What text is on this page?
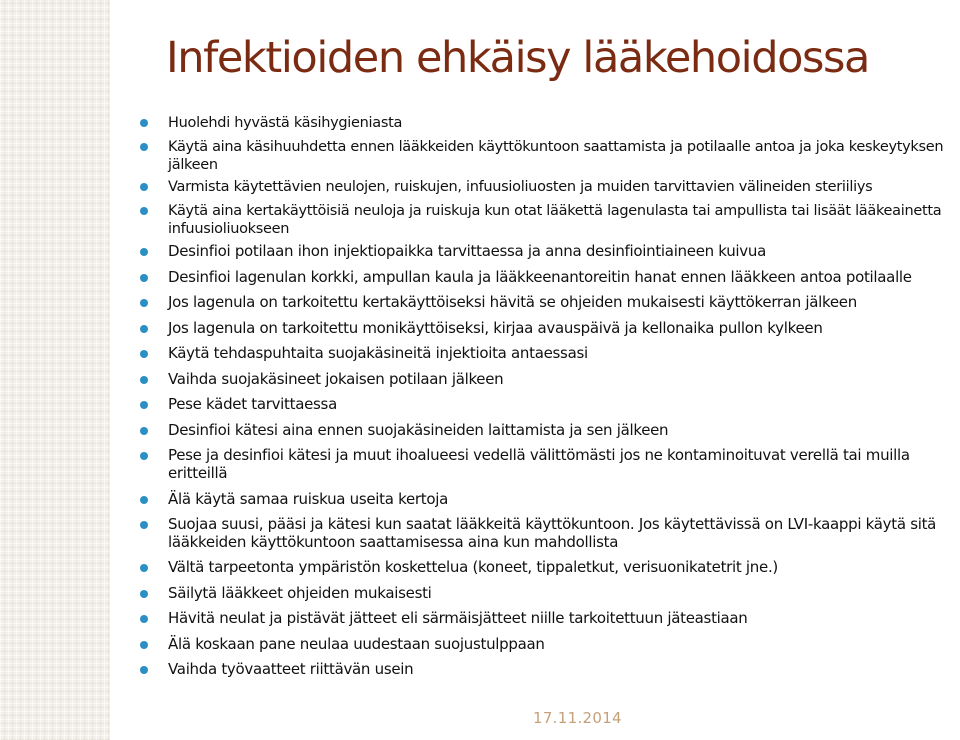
Infektioiden ehkäisy lääkehoidossa
Huolehdi hyvästä käsihygieniasta
Käytä aina käsihuuhdetta ennen lääkkeiden käyttökuntoon saattamista ja potilaalle antoa ja joka keskeytyksen jälkeen
Varmista käytettävien neulojen, ruiskujen, infuusioliuosten ja muiden tarvittavien välineiden steriiliys
Käytä aina kertakäyttöisiä neuloja ja ruiskuja kun otat lääkettä lagenulasta tai ampullista tai lisäät lääkeainetta infuusioliuokseen
Desinfioi potilaan ihon injektiopaikka tarvittaessa ja anna desinfiointiaineen kuivua
Desinfioi lagenulan korkki, ampullan kaula ja lääkkeenantoreitin hanat ennen lääkkeen antoa potilaalle
Jos lagenula on tarkoitettu kertakäyttöiseksi hävitä se ohjeiden mukaisesti käyttökerran jälkeen
Jos lagenula on tarkoitettu monikäyttöiseksi, kirjaa avauspäivä ja kellonaika pullon kylkeen
Käytä tehdaspuhtaita suojakäsineitä injektioita antaessasi
Vaihda suojakäsineet jokaisen potilaan jälkeen
Pese kädet tarvittaessa
Desinfioi kätesi aina ennen suojakäsineiden laittamista ja sen jälkeen
Pese ja desinfioi kätesi ja muut ihoalueesi vedellä välittömästi jos ne kontaminoituvat verellä tai muilla eritteillä
Älä käytä samaa ruiskua useita kertoja
Suojaa suusi, pääsi ja kätesi kun saatat lääkkeitä käyttökuntoon. Jos käytettävissä on LVI-kaappi käytä sitä lääkkeiden käyttökuntoon saattamisessa aina kun mahdollista
Vältä tarpeetonta ympäristön koskettelua (koneet, tippaletkut, verisuonikatetrit jne.)
Säilytä lääkkeet ohjeiden mukaisesti
Hävitä neulat ja pistävät jätteet eli särmäisjätteet niille tarkoitettuun jäteastiaan
Älä koskaan pane neulaa uudestaan suojustulppaan
Vaihda työvaatteet riittävän usein
17.11.2014
